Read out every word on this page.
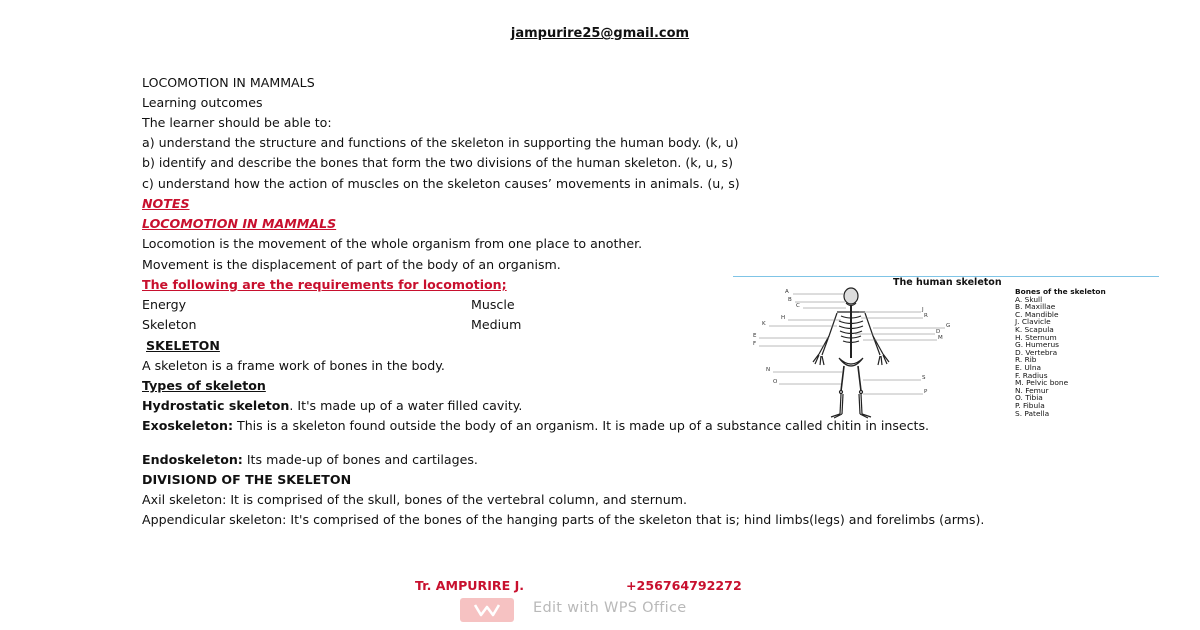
jampurire25@gmail.com
LOCOMOTION IN MAMMALS
Learning outcomes
The learner should be able to:
a) understand the structure and functions of the skeleton in supporting the human body. (k, u)
b) identify and describe the bones that form the two divisions of the human skeleton. (k, u, s)
c) understand how the action of muscles on the skeleton causes’ movements in animals. (u, s)
NOTES
LOCOMOTION IN MAMMALS
Locomotion is the movement of the whole organism from one place to another.
Movement is the displacement of part of the body of an organism.
The following are the requirements for locomotion;
Energy	Muscle
Skeleton	Medium
SKELETON
A skeleton is a frame work of bones in the body.
Types of skeleton
Hydrostatic skeleton. It's made up of a water filled cavity.
Exoskeleton: This is a skeleton found outside the body of an organism. It is made up of a substance called chitin in insects.
Endoskeleton: Its made-up of bones and cartilages.
DIVISIOND OF THE SKELETON
Axil skeleton: It is comprised of the skull, bones of the vertebral column, and sternum.
Appendicular skeleton: It's comprised of the bones of the hanging parts of the skeleton that is; hind limbs(legs) and forelimbs (arms).
The human skeleton
A
B
C
H
K
E
F
N
O
J
R
G
D
M
S
P
Bones of the skeleton
A. Skull
B. Maxillae
C. Mandible
J. Clavicle
K. Scapula
H. Sternum
G. Humerus
D. Vertebra
R. Rib
E. Ulna
F. Radius
M. Pelvic bone
N. Femur
O. Tibia
P. Fibula
S. Patella
Tr. AMPURIRE J.	+256764792272
Edit with WPS Office
